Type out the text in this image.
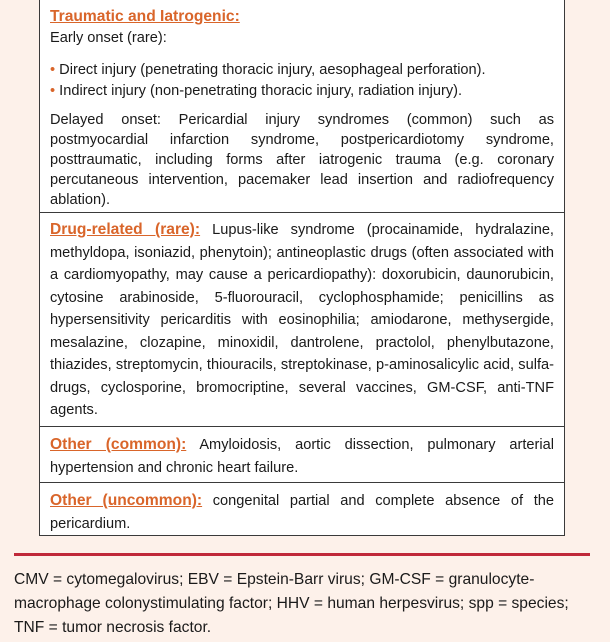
Traumatic and Iatrogenic:

Early onset (rare):

• Direct injury (penetrating thoracic injury, aesophageal perforation).

• Indirect injury (non-penetrating thoracic injury, radiation injury).

Delayed onset: Pericardial injury syndromes (common) such as postmyocardial infarction syndrome, postpericardiotomy syndrome, posttraumatic, including forms after iatrogenic trauma (e.g. coronary percutaneous intervention, pacemaker lead insertion and radiofrequency ablation).

Drug-related (rare): Lupus-like syndrome (procainamide, hydralazine, methyldopa, isoniazid, phenytoin); antineoplastic drugs (often associated with a cardiomyopathy, may cause a pericardiopathy): doxorubicin, daunorubicin, cytosine arabinoside, 5-fluorouracil, cyclophosphamide; penicillins as hypersensitivity pericarditis with eosinophilia; amiodarone, methysergide, mesalazine, clozapine, minoxidil, dantrolene, practolol, phenylbutazone, thiazides, streptomycin, thiouracils, streptokinase, p-aminosalicylic acid, sulfa-drugs, cyclosporine, bromocriptine, several vaccines, GM-CSF, anti-TNF agents.
Other (common): Amyloidosis, aortic dissection, pulmonary arterial hypertension and chronic heart failure.
Other (uncommon): congenital partial and complete absence of the pericardium.
CMV = cytomegalovirus; EBV = Epstein-Barr virus; GM-CSF = granulocyte-macrophage colonystimulating factor; HHV = human herpesvirus; spp = species; TNF = tumor necrosis factor.
